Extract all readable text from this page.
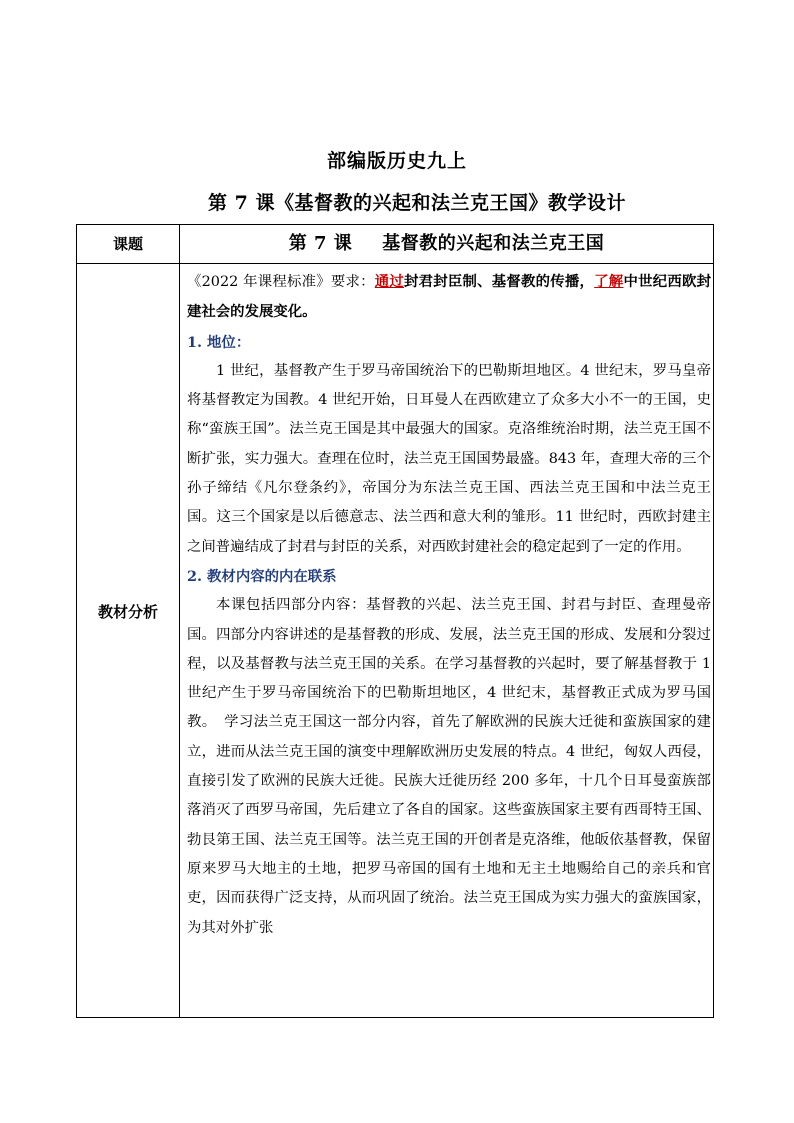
部编版历史九上
第 7 课《基督教的兴起和法兰克王国》教学设计
课题	第 7 课 基督教的兴起和法兰克王国
教材分析

《2022 年课程标准》要求：通过封君封臣制、基督教的传播，了解中世纪西欧封建社会的发展变化。

1. 地位：

1 世纪，基督教产生于罗马帝国统治下的巴勒斯坦地区。4 世纪末，罗马皇帝将基督教定为国教。4 世纪开始，日耳曼人在西欧建立了众多大小不一的王国，史称“蛮族王国”。法兰克王国是其中最强大的国家。克洛维统治时期，法兰克王国不断扩张，实力强大。查理在位时，法兰克王国国势最盛。843 年，查理大帝的三个孙子缔结《凡尔登条约》，帝国分为东法兰克王国、西法兰克王国和中法兰克王国。这三个国家是以后德意志、法兰西和意大利的雏形。11 世纪时，西欧封建主之间普遍结成了封君与封臣的关系，对西欧封建社会的稳定起到了一定的作用。

2. 教材内容的内在联系

本课包括四部分内容：基督教的兴起、法兰克王国、封君与封臣、查理曼帝国。四部分内容讲述的是基督教的形成、发展，法兰克王国的形成、发展和分裂过程，以及基督教与法兰克王国的关系。在学习基督教的兴起时，要了解基督教于 1 世纪产生于罗马帝国统治下的巴勒斯坦地区，4 世纪末，基督教正式成为罗马国教。　学习法兰克王国这一部分内容，首先了解欧洲的民族大迁徙和蛮族国家的建立，进而从法兰克王国的演变中理解欧洲历史发展的特点。4 世纪，匈奴人西侵，直接引发了欧洲的民族大迁徙。民族大迁徙历经 200 多年，十几个日耳曼蛮族部落消灭了西罗马帝国，先后建立了各自的国家。这些蛮族国家主要有西哥特王国、勃艮第王国、法兰克王国等。法兰克王国的开创者是克洛维，他皈依基督教，保留原来罗马大地主的土地，把罗马帝国的国有土地和无主土地赐给自己的亲兵和官吏，因而获得广泛支持，从而巩固了统治。法兰克王国成为实力强大的蛮族国家，为其对外扩张
